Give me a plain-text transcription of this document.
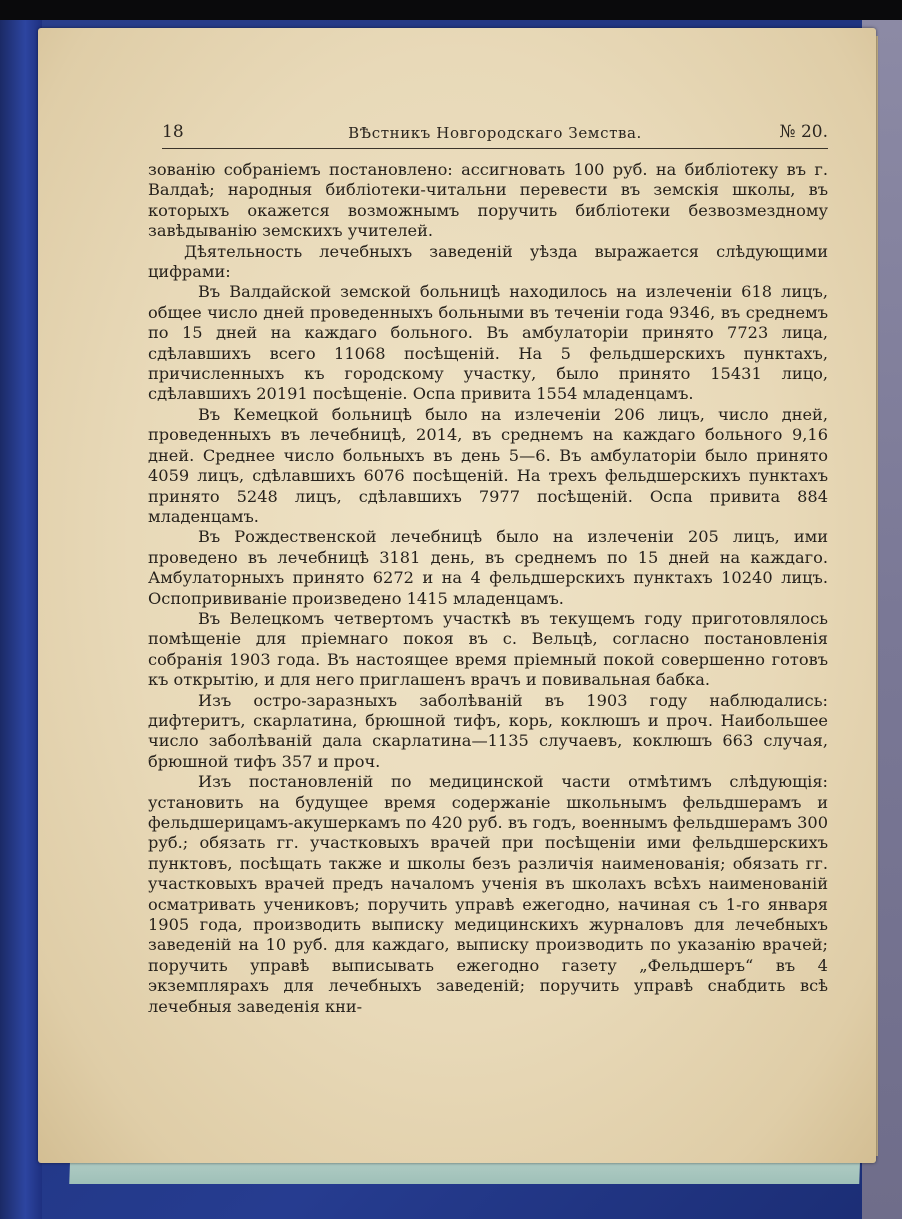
18	ВѢстникъ Новгородскаго Земства.	№ 20.

зованію собраніемъ постановлено: ассигновать 100 руб. на библіотеку въ г. Валдаѣ; народныя библіотеки-читальни перевести въ земскія школы, въ которыхъ окажется возможнымъ поручить библіотеки безвозмездному завѣдыванію земскихъ учителей.

Дѣятельность лечебныхъ заведеній уѣзда выражается слѣдующими цифрами:

Въ Валдайской земской больницѣ находилось на излеченіи 618 лицъ, общее число дней проведенныхъ больными въ теченіи года 9346, въ среднемъ по 15 дней на каждаго больного. Въ амбулаторіи принято 7723 лица, сдѣлавшихъ всего 11068 посѣщеній. На 5 фельдшерскихъ пунктахъ, причисленныхъ къ городскому участку, было принято 15431 лицо, сдѣлавшихъ 20191 посѣщеніе. Оспа привита 1554 младенцамъ.

Въ Кемецкой больницѣ было на излеченіи 206 лицъ, число дней, проведенныхъ въ лечебницѣ, 2014, въ среднемъ на каждаго больного 9,16 дней. Среднее число больныхъ въ день 5—6. Въ амбулаторіи было принято 4059 лицъ, сдѣлавшихъ 6076 посѣщеній. На трехъ фельдшерскихъ пунктахъ принято 5248 лицъ, сдѣлавшихъ 7977 посѣщеній. Оспа привита 884 младенцамъ.

Въ Рождественской лечебницѣ было на излеченіи 205 лицъ, ими проведено въ лечебницѣ 3181 день, въ среднемъ по 15 дней на каждаго. Амбулаторныхъ принято 6272 и на 4 фельдшерскихъ пунктахъ 10240 лицъ. Оспопрививаніе произведено 1415 младенцамъ.

Въ Велецкомъ четвертомъ участкѣ въ текущемъ году приготовлялось помѣщеніе для пріемнаго покоя въ с. Вельцѣ, согласно постановленія собранія 1903 года. Въ настоящее время пріемный покой совершенно готовъ къ открытію, и для него приглашенъ врачъ и повивальная бабка.

Изъ остро-заразныхъ заболѣваній въ 1903 году наблюдались: дифтеритъ, скарлатина, брюшной тифъ, корь, коклюшъ и проч. Наибольшее число заболѣваній дала скарлатина—1135 случаевъ, коклюшъ 663 случая, брюшной тифъ 357 и проч.

Изъ постановленій по медицинской части отмѣтимъ слѣдующія: установить на будущее время содержаніе школьнымъ фельдшерамъ и фельдшерицамъ-акушеркамъ по 420 руб. въ годъ, военнымъ фельдшерамъ 300 руб.; обязать гг. участковыхъ врачей при посѣщеніи ими фельдшерскихъ пунктовъ, посѣщать также и школы безъ различія наименованія; обязать гг. участковыхъ врачей предъ началомъ ученія въ школахъ всѣхъ наименованій осматривать учениковъ; поручить управѣ ежегодно, начиная съ 1-го января 1905 года, производить выписку медицинскихъ журналовъ для лечебныхъ заведеній на 10 руб. для каждаго, выписку производить по указанію врачей; поручить управѣ выписывать ежегодно газету „Фельдшеръ“ въ 4 экземплярахъ для лечебныхъ заведеній; поручить управѣ снабдить всѣ лечебныя заведенія кни-
